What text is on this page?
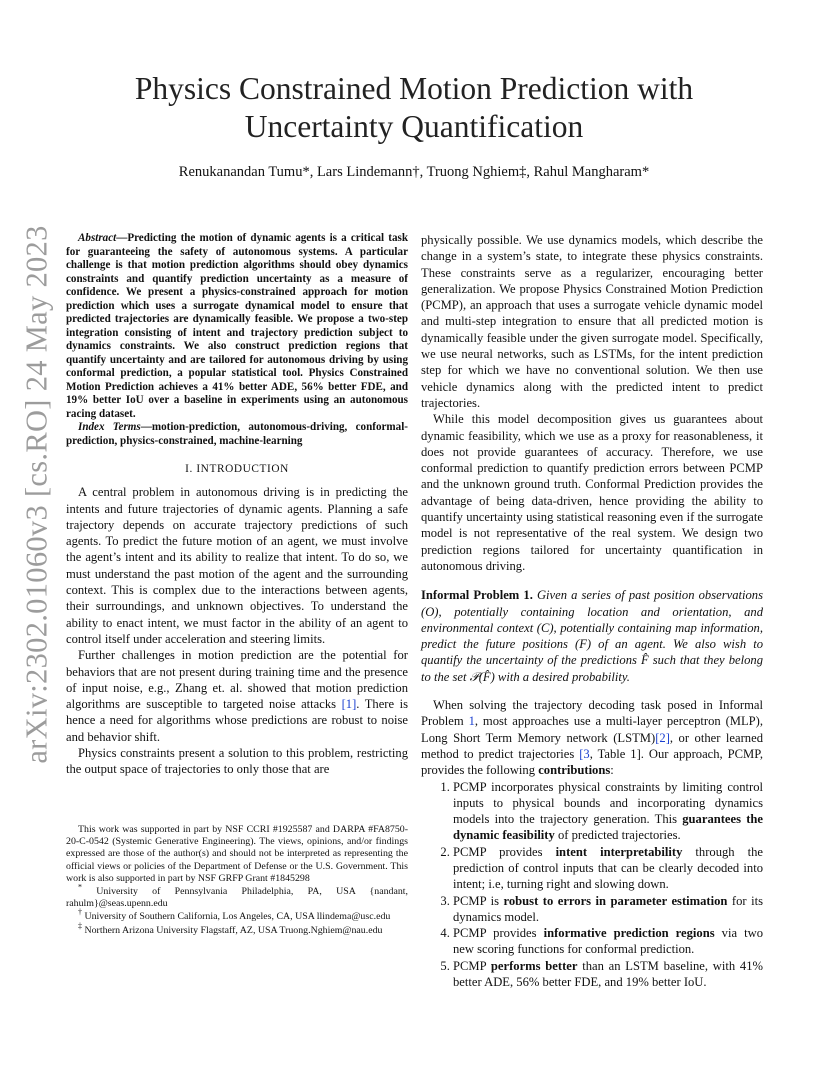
arXiv:2302.01060v3 [cs.RO] 24 May 2023
Physics Constrained Motion Prediction with Uncertainty Quantification
Renukanandan Tumu*, Lars Lindemann†, Truong Nghiem‡, Rahul Mangharam*

Abstract—Predicting the motion of dynamic agents is a critical task for guaranteeing the safety of autonomous systems. A particular challenge is that motion prediction algorithms should obey dynamics constraints and quantify prediction uncertainty as a measure of confidence. We present a physics-constrained approach for motion prediction which uses a surrogate dynamical model to ensure that predicted trajectories are dynamically feasible. We propose a two-step integration consisting of intent and trajectory prediction subject to dynamics constraints. We also construct prediction regions that quantify uncertainty and are tailored for autonomous driving by using conformal prediction, a popular statistical tool. Physics Constrained Motion Prediction achieves a 41% better ADE, 56% better FDE, and 19% better IoU over a baseline in experiments using an autonomous racing dataset.

Index Terms—motion-prediction, autonomous-driving, conformal-prediction, physics-constrained, machine-learning

I. INTRODUCTION

A central problem in autonomous driving is in predicting the intents and future trajectories of dynamic agents. Planning a safe trajectory depends on accurate trajectory predictions of such agents. To predict the future motion of an agent, we must involve the agent’s intent and its ability to realize that intent. To do so, we must understand the past motion of the agent and the surrounding context. This is complex due to the interactions between agents, their surroundings, and unknown objectives. To understand the ability to enact intent, we must factor in the ability of an agent to control itself under acceleration and steering limits.

Further challenges in motion prediction are the potential for behaviors that are not present during training time and the presence of input noise, e.g., Zhang et. al. showed that motion prediction algorithms are susceptible to targeted noise attacks [1]. There is hence a need for algorithms whose predictions are robust to noise and behavior shift.

Physics constraints present a solution to this problem, restricting the output space of trajectories to only those that are

This work was supported in part by NSF CCRI #1925587 and DARPA #FA8750-20-C-0542 (Systemic Generative Engineering). The views, opinions, and/or findings expressed are those of the author(s) and should not be interpreted as representing the official views or policies of the Department of Defense or the U.S. Government. This work is also supported in part by NSF GRFP Grant #1845298

* University of Pennsylvania Philadelphia, PA, USA {nandant, rahulm}@seas.upenn.edu

† University of Southern California, Los Angeles, CA, USA llindema@usc.edu

‡ Northern Arizona University Flagstaff, AZ, USA Truong.Nghiem@nau.edu

physically possible. We use dynamics models, which describe the change in a system’s state, to integrate these physics constraints. These constraints serve as a regularizer, encouraging better generalization. We propose Physics Constrained Motion Prediction (PCMP), an approach that uses a surrogate vehicle dynamic model and multi-step integration to ensure that all predicted motion is dynamically feasible under the given surrogate model. Specifically, we use neural networks, such as LSTMs, for the intent prediction step for which we have no conventional solution. We then use vehicle dynamics along with the predicted intent to predict trajectories.

While this model decomposition gives us guarantees about dynamic feasibility, which we use as a proxy for reasonableness, it does not provide guarantees of accuracy. Therefore, we use conformal prediction to quantify prediction errors between PCMP and the unknown ground truth. Conformal Prediction provides the advantage of being data-driven, hence providing the ability to quantify uncertainty using statistical reasoning even if the surrogate model is not representative of the real system. We design two prediction regions tailored for uncertainty quantification in autonomous driving.

Informal Problem 1. Given a series of past position observations (O), potentially containing location and orientation, and environmental context (C), potentially containing map information, predict the future positions (F) of an agent. We also wish to quantify the uncertainty of the predictions F̂ such that they belong to the set 𝒫(F̂) with a desired probability.

When solving the trajectory decoding task posed in Informal Problem 1, most approaches use a multi-layer perceptron (MLP), Long Short Term Memory network (LSTM)[2], or other learned method to predict trajectories [3, Table 1]. Our approach, PCMP, provides the following contributions:

1. PCMP incorporates physical constraints by limiting control inputs to physical bounds and incorporating dynamics models into the trajectory generation. This guarantees the dynamic feasibility of predicted trajectories.
2. PCMP provides intent interpretability through the prediction of control inputs that can be clearly decoded into intent; i.e, turning right and slowing down.
3. PCMP is robust to errors in parameter estimation for its dynamics model.
4. PCMP provides informative prediction regions via two new scoring functions for conformal prediction.
5. PCMP performs better than an LSTM baseline, with 41% better ADE, 56% better FDE, and 19% better IoU.
